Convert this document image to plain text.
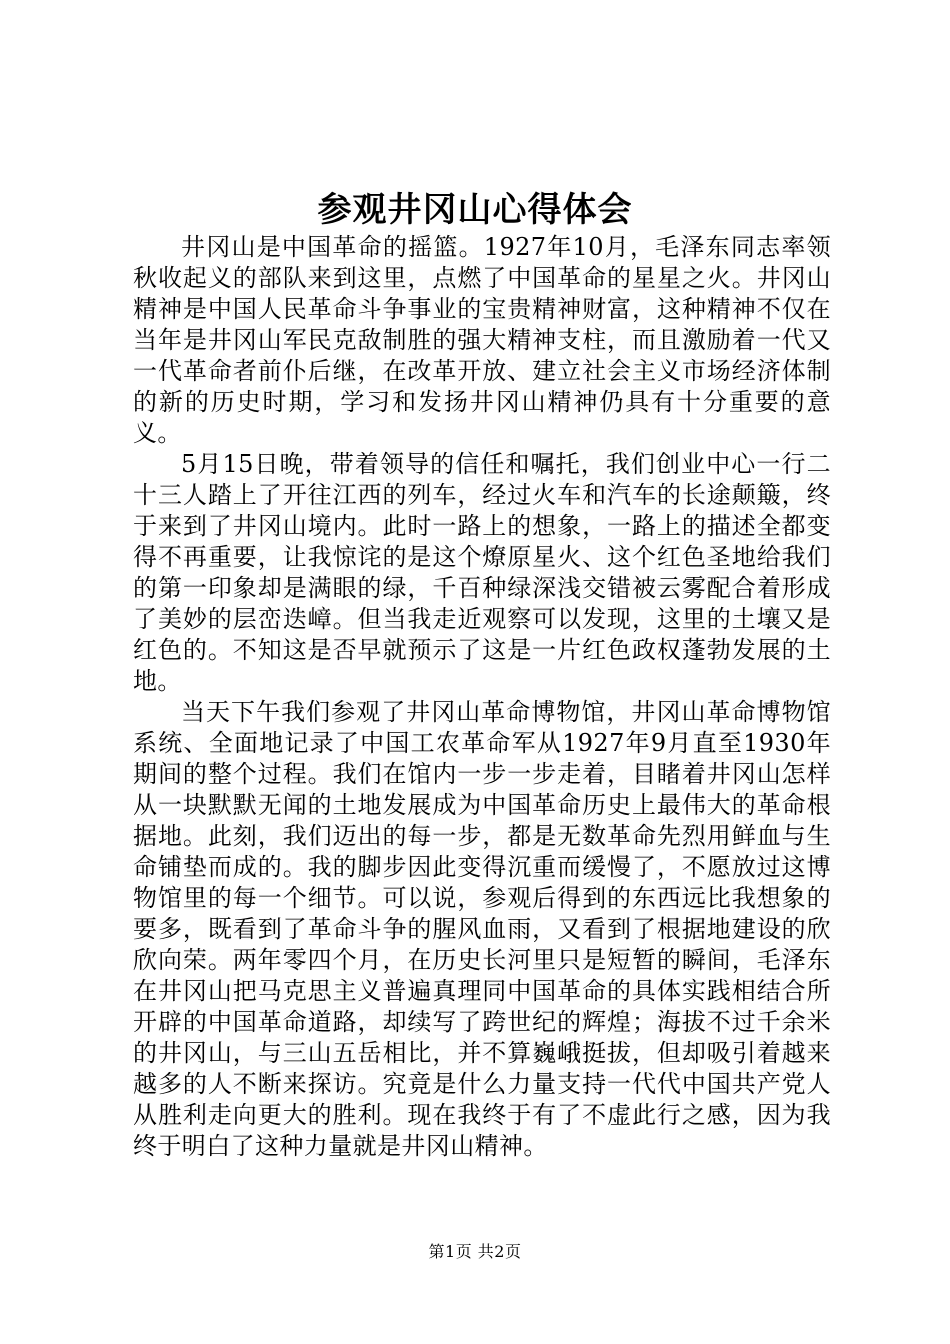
参观井冈山心得体会

井冈山是中国革命的摇篮。1927年10月，毛泽东同志率领秋收起义的部队来到这里，点燃了中国革命的星星之火。井冈山精神是中国人民革命斗争事业的宝贵精神财富，这种精神不仅在当年是井冈山军民克敌制胜的强大精神支柱，而且激励着一代又一代革命者前仆后继，在改革开放、建立社会主义市场经济体制的新的历史时期，学习和发扬井冈山精神仍具有十分重要的意义。

5月15日晚，带着领导的信任和嘱托，我们创业中心一行二十三人踏上了开往江西的列车，经过火车和汽车的长途颠簸，终于来到了井冈山境内。此时一路上的想象，一路上的描述全都变得不再重要，让我惊诧的是这个燎原星火、这个红色圣地给我们的第一印象却是满眼的绿，千百种绿深浅交错被云雾配合着形成了美妙的层峦迭嶂。但当我走近观察可以发现，这里的土壤又是红色的。不知这是否早就预示了这是一片红色政权蓬勃发展的土地。

当天下午我们参观了井冈山革命博物馆，井冈山革命博物馆系统、全面地记录了中国工农革命军从1927年9月直至1930年期间的整个过程。我们在馆内一步一步走着，目睹着井冈山怎样从一块默默无闻的土地发展成为中国革命历史上最伟大的革命根据地。此刻，我们迈出的每一步，都是无数革命先烈用鲜血与生命铺垫而成的。我的脚步因此变得沉重而缓慢了，不愿放过这博物馆里的每一个细节。可以说，参观后得到的东西远比我想象的要多，既看到了革命斗争的腥风血雨，又看到了根据地建设的欣欣向荣。两年零四个月，在历史长河里只是短暂的瞬间，毛泽东在井冈山把马克思主义普遍真理同中国革命的具体实践相结合所开辟的中国革命道路，却续写了跨世纪的辉煌；海拔不过千余米的井冈山，与三山五岳相比，并不算巍峨挺拔，但却吸引着越来越多的人不断来探访。究竟是什么力量支持一代代中国共产党人从胜利走向更大的胜利。现在我终于有了不虚此行之感，因为我终于明白了这种力量就是井冈山精神。

第1页 共2页
